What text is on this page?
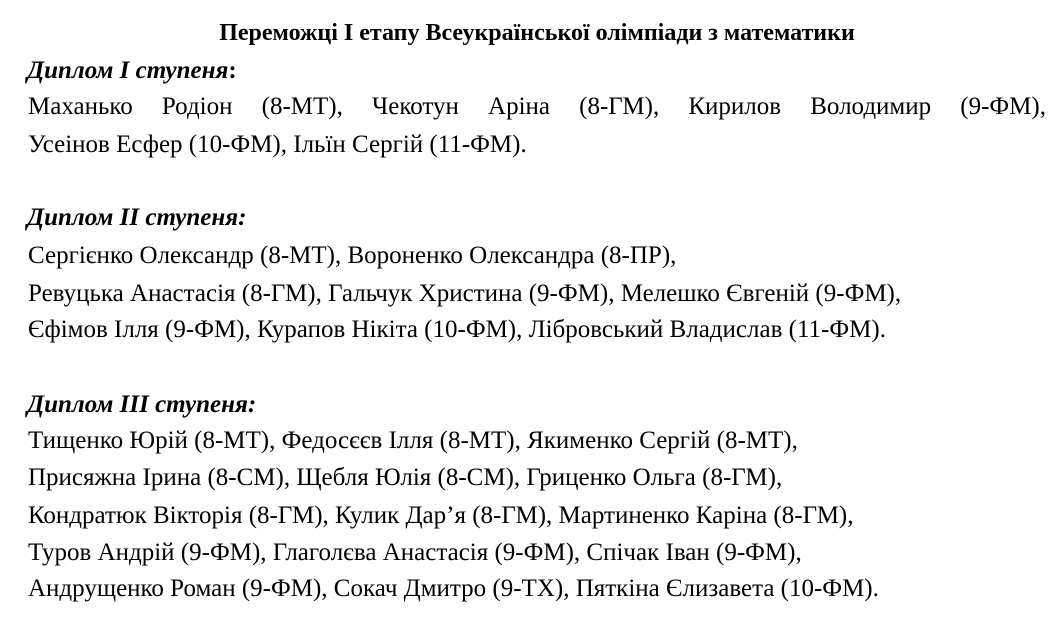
Переможці І етапу Всеукраїнської олімпіади з математики
Диплом І ступеня:
Маханько Родіон (8-МТ), Чекотун Аріна (8-ГМ), Кирилов Володимир (9-ФМ),
Усеінов Есфер (10-ФМ), Ільїн Сергій (11-ФМ).
Диплом ІІ ступеня:
Сергієнко Олександр (8-МТ), Вороненко Олександра (8-ПР),
Ревуцька Анастасія (8-ГМ), Гальчук Христина (9-ФМ), Мелешко Євгеній (9-ФМ),
Єфімов Ілля (9-ФМ), Курапов Нікіта (10-ФМ), Лібровський Владислав (11-ФМ).
Диплом ІІІ ступеня:
Тищенко Юрій (8-МТ), Федосєєв Ілля (8-МТ), Якименко Сергій (8-МТ),
Присяжна Ірина (8-СМ), Щебля Юлія (8-СМ), Гриценко Ольга (8-ГМ),
Кондратюк Вікторія (8-ГМ), Кулик Дар’я (8-ГМ), Мартиненко Каріна (8-ГМ),
Туров Андрій (9-ФМ), Глаголєва Анастасія (9-ФМ), Спічак Іван (9-ФМ),
Андрущенко Роман (9-ФМ), Сокач Дмитро (9-ТХ), Пяткіна Єлизавета (10-ФМ).
